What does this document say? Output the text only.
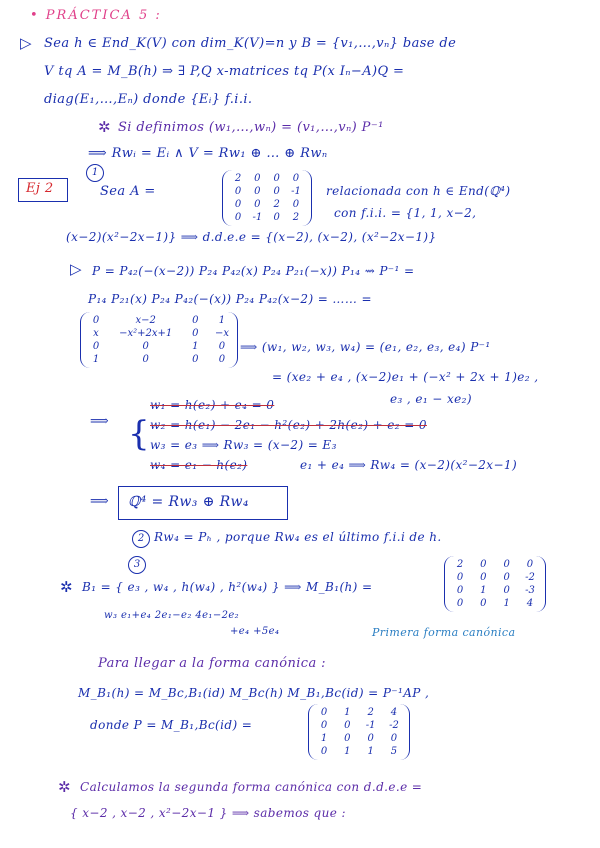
• PRÁCTICA 5 :
▷ Sea h ∈ End_K(V) con dim_K(V)=n y B = {v₁,…,vₙ} base de
V tq A = M_B(h) ⇒ ∃ P,Q x-matrices tq P(x Iₙ−A)Q =
diag(E₁,…,Eₙ) donde {Eᵢ} f.i.i.
✲ Si definimos (w₁,…,wₙ) = (v₁,…,vₙ) P⁻¹
⟹ Rwᵢ = Eᵢ ∧ V = Rw₁ ⊕ … ⊕ Rwₙ
Ej 2
1
Sea A =
2	0	0	0
0	0	0	-1
0	0	2	0
0	-1	0	2
relacionada con h ∈ End(ℚ⁴)
con f.i.i. = {1, 1, x−2,
(x−2)(x²−2x−1)} ⟹ d.d.e.e = {(x−2), (x−2), (x²−2x−1)}
▷ P = P₄₂(−(x−2)) P₂₄ P₄₂(x) P₂₄ P₂₁(−x)) P₁₄ ⇝ P⁻¹ =
P₁₄ P₂₁(x) P₂₄ P₄₂(−(x)) P₂₄ P₄₂(x−2) = …… =
0	x−2	0	1
x	−x²+2x+1	0	−x
0	0	1	0
1	0	0	0
⟹ (w₁, w₂, w₃, w₄) = (e₁, e₂, e₃, e₄) P⁻¹
= (xe₂ + e₄ , (x−2)e₁ + (−x² + 2x + 1)e₂ ,
e₃ , e₁ − xe₂)
⟹ {
w₁ = h(e₂) + e₄ = 0
w₂ = h(e₁) − 2e₁ − h²(e₂) + 2h(e₂) + e₂ = 0
w₃ = e₃ ⟹ Rw₃ = (x−2) = E₃
w₄ = e₁ − h(e₂)	e₁ + e₄ ⟹ Rw₄ = (x−2)(x²−2x−1)
⟹ ℚ⁴ = Rw₃ ⊕ Rw₄
2 Rw₄ = Pₕ , porque Rw₄ es el último f.i.i de h.
3
✲ B₁ = { e₃ , w₄ , h(w₄) , h²(w₄) } ⟹ M_B₁(h) =
2	0	0	0
0	0	0	-2
0	1	0	-3
0	0	1	4
w₃ e₁+e₄ 2e₁−e₂ 4e₁−2e₂
+e₄ +5e₄	Primera forma canónica
Para llegar a la forma canónica :
M_B₁(h) = M_Bc,B₁(id) M_Bc(h) M_B₁,Bc(id) = P⁻¹AP ,
donde P = M_B₁,Bc(id) =
0	1	2	4
0	0	-1 -2
1	0	0	0
0	1	1	5
✲ Calculamos la segunda forma canónica con d.d.e.e =
{ x−2 , x−2 , x²−2x−1 } ⟹ sabemos que :
